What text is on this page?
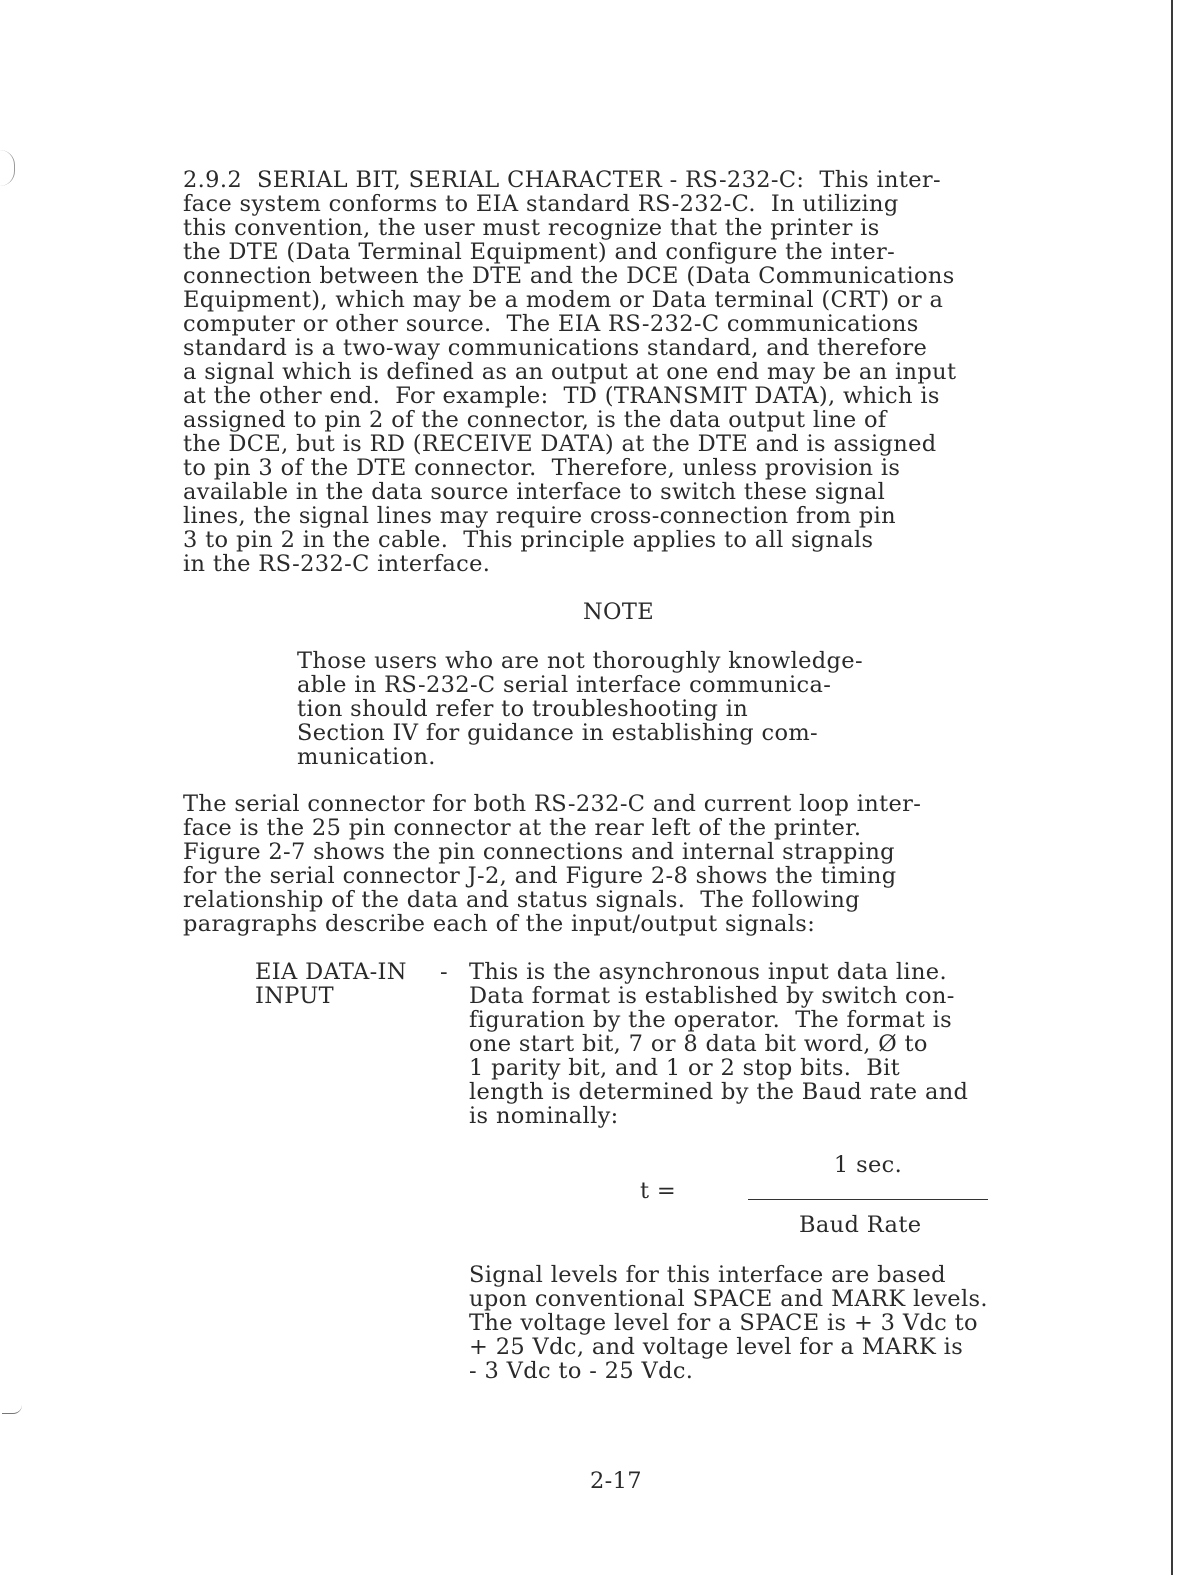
2.9.2  SERIAL BIT, SERIAL CHARACTER - RS-232-C:  This inter-

face system conforms to EIA standard RS-232-C.  In utilizing

this convention, the user must recognize that the printer is

the DTE (Data Terminal Equipment) and configure the inter-

connection between the DTE and the DCE (Data Communications

Equipment), which may be a modem or Data terminal (CRT) or a

computer or other source.  The EIA RS-232-C communications

standard is a two-way communications standard, and therefore

a signal which is defined as an output at one end may be an input

at the other end.  For example:  TD (TRANSMIT DATA), which is

assigned to pin 2 of the connector, is the data output line of

the DCE, but is RD (RECEIVE DATA) at the DTE and is assigned

to pin 3 of the DTE connector.  Therefore, unless provision is

available in the data source interface to switch these signal

lines, the signal lines may require cross-connection from pin

3 to pin 2 in the cable.  This principle applies to all signals

in the RS-232-C interface.

NOTE

Those users who are not thoroughly knowledge-

able in RS-232-C serial interface communica-

tion should refer to troubleshooting in

Section IV for guidance in establishing com-

munication.

The serial connector for both RS-232-C and current loop inter-

face is the 25 pin connector at the rear left of the printer.

Figure 2-7 shows the pin connections and internal strapping

for the serial connector J-2, and Figure 2-8 shows the timing

relationship of the data and status signals.  The following

paragraphs describe each of the input/output signals:

EIA DATA-IN

INPUT

- This is the asynchronous input data line.

Data format is established by switch con-

figuration by the operator.  The format is

one start bit, 7 or 8 data bit word, Ø to

1 parity bit, and 1 or 2 stop bits.  Bit

length is determined by the Baud rate and

is nominally:

t =

1 sec.

Baud Rate

Signal levels for this interface are based

upon conventional SPACE and MARK levels.

The voltage level for a SPACE is + 3 Vdc to

+ 25 Vdc, and voltage level for a MARK is

- 3 Vdc to - 25 Vdc.

2-17
